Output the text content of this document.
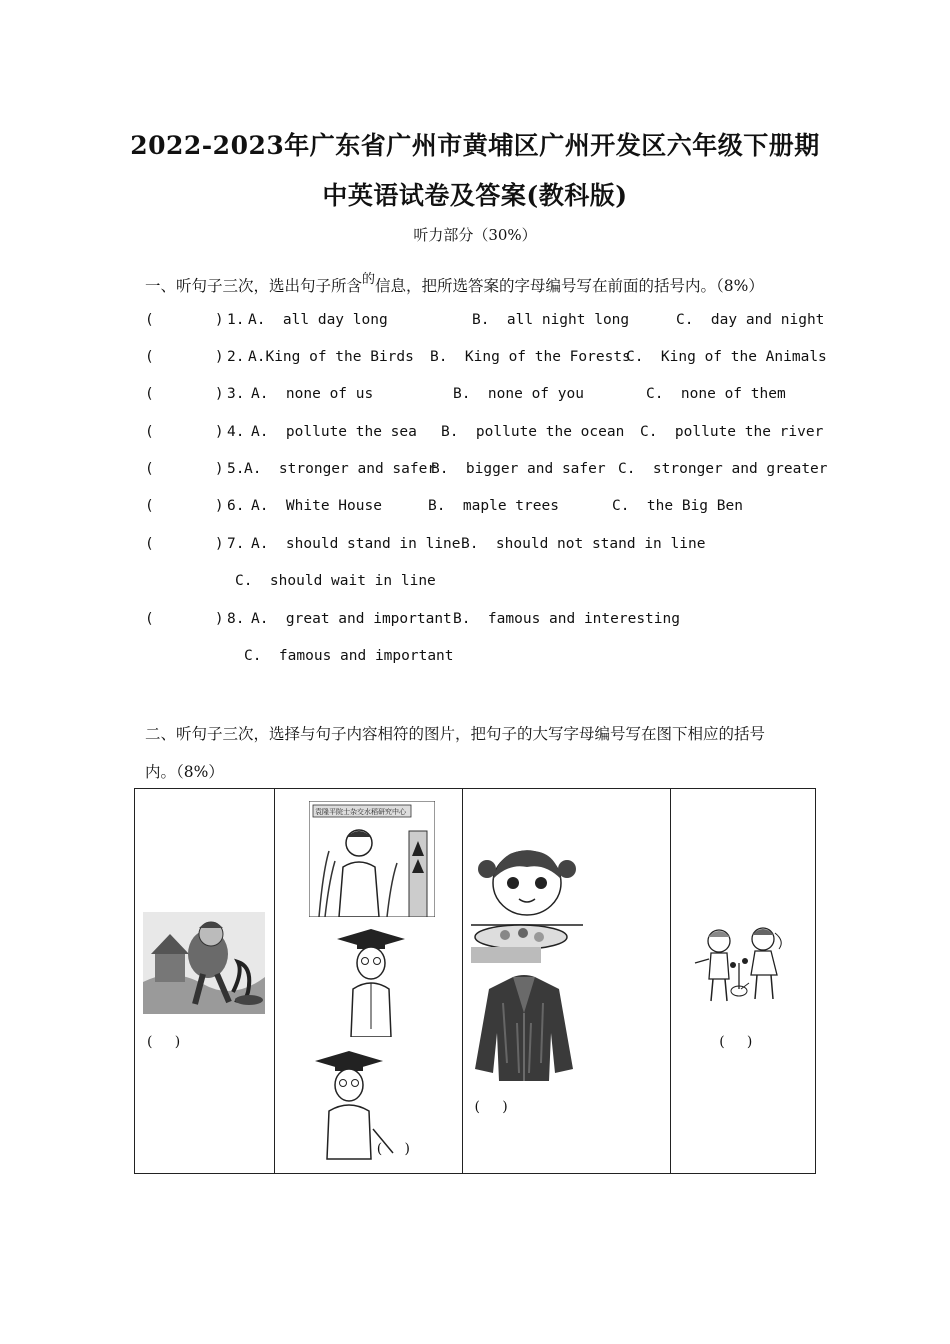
2022-2023年广东省广州市黄埔区广州开发区六年级下册期
中英语试卷及答案(教科版)
听力部分（30%）
一、听句子三次，选出句子所含$^的$信息，把所选答案的字母编号写在前面的括号内。（8%）
(       ) 1. A.  all day long	B.  all night long	C.  day and night
(       ) 2. A.King of the Birds B.  King of the Forests
C.  King of the Animals
(       ) 3. A.  none of us	B.  none of you	C.  none of them
(       ) 4. A.  pollute the sea B.  pollute the ocean C.  pollute the river
(       ) 5. A.  stronger and safer
B.  bigger and safer C.  stronger and greater
(       ) 6. A.  White House	B.  maple trees	C.  the Big Ben
(       ) 7. A.  should stand in line B.  should not stand in line
C.  should wait in line
(       ) 8. A.  great and important B.  famous and interesting
C.  famous and important
二、听句子三次，选择与句子内容相符的图片，把句子的大写字母编号写在图下相应的括号
内。（8%）
(     )

袁隆平院士杂交水稻研究中心
(     )

(     )

(     )
